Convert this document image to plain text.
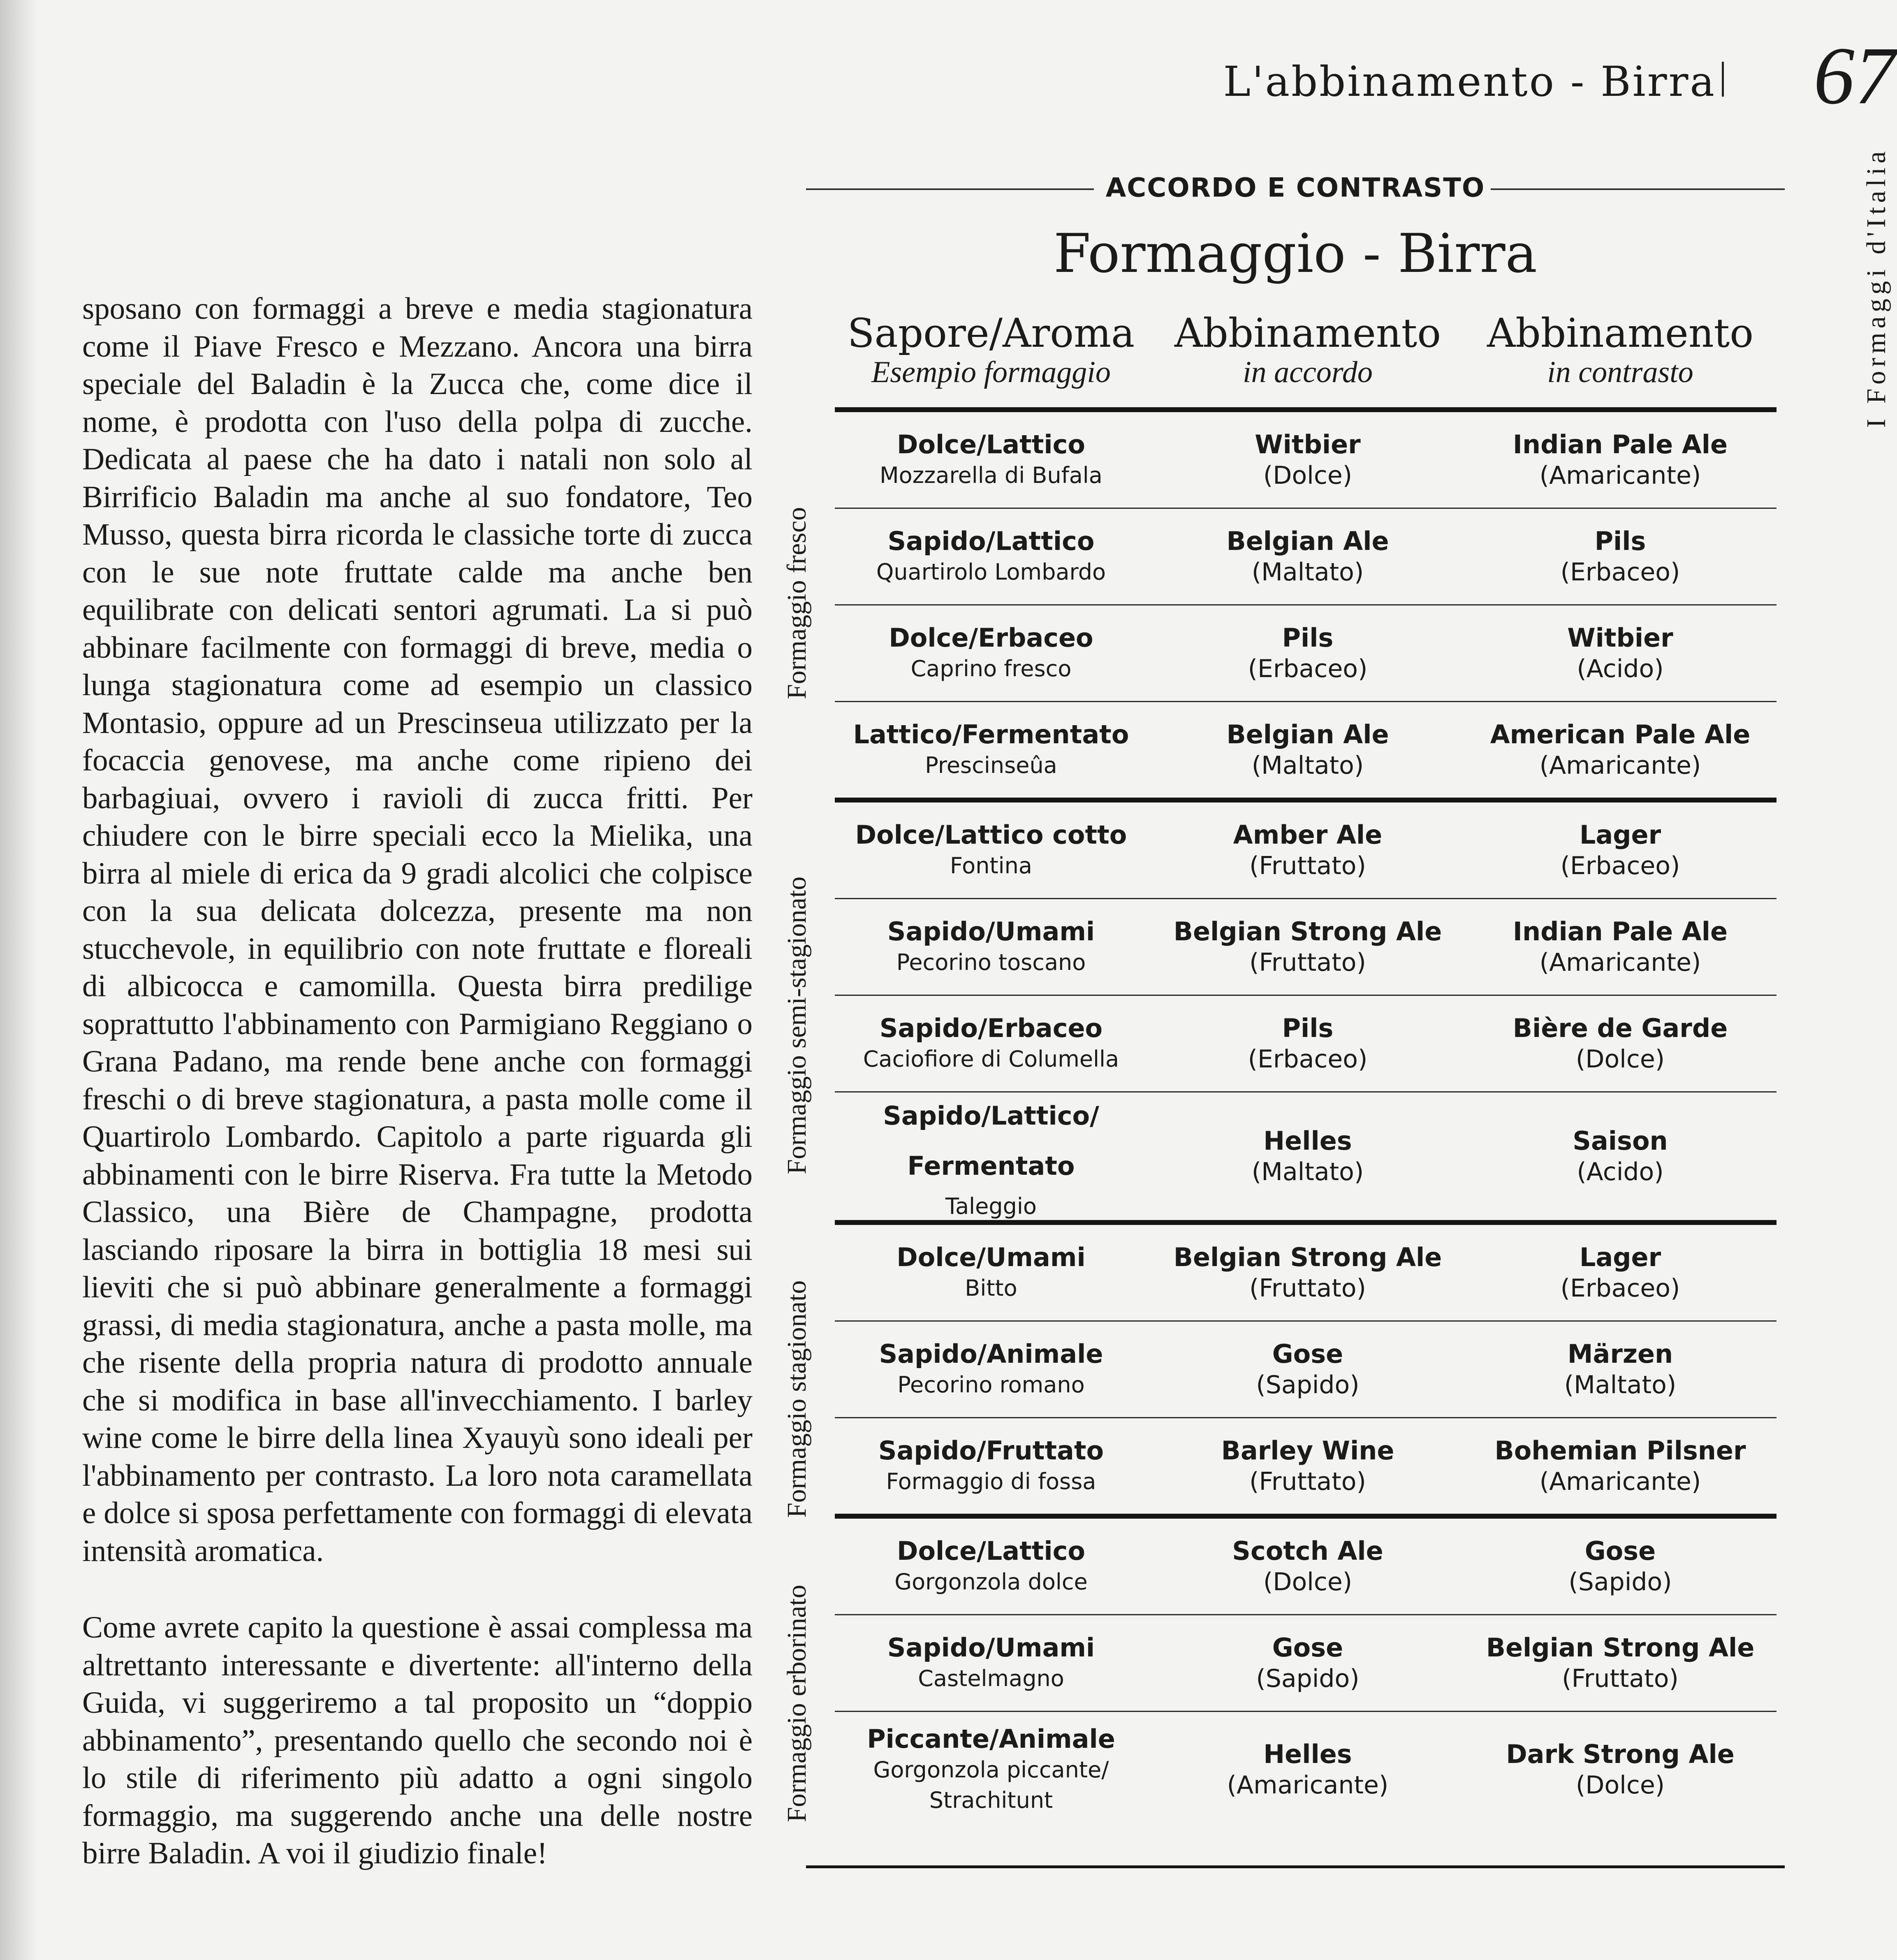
L'abbinamento - Birra 67
I Formaggi d'Italia

sposano con formaggi a breve e media stagionatura come il Piave Fresco e Mezzano. Ancora una birra speciale del Baladin è la Zucca che, come dice il nome, è prodotta con l'uso della polpa di zucche. Dedicata al paese che ha dato i natali non solo al Birrificio Baladin ma anche al suo fondatore, Teo Musso, questa birra ricorda le classiche torte di zucca con le sue note fruttate calde ma anche ben equilibrate con delicati sentori agrumati. La si può abbinare facilmente con formaggi di breve, media o lunga stagionatura come ad esempio un classico Montasio, oppure ad un Prescinseua utilizzato per la focaccia genovese, ma anche come ripieno dei barbagiuai, ovvero i ravioli di zucca fritti. Per chiudere con le birre speciali ecco la Mielika, una birra al miele di erica da 9 gradi alcolici che colpisce con la sua delicata dolcezza, presente ma non stucchevole, in equilibrio con note fruttate e floreali di albicocca e camomilla. Questa birra predilige soprattutto l'abbinamento con Parmigiano Reggiano o Grana Padano, ma rende bene anche con formaggi freschi o di breve stagionatura, a pasta molle come il Quartirolo Lombardo. Capitolo a parte riguarda gli abbinamenti con le birre Riserva. Fra tutte la Metodo Classico, una Bière de Champagne, prodotta lasciando riposare la birra in bottiglia 18 mesi sui lieviti che si può abbinare generalmente a formaggi grassi, di media stagionatura, anche a pasta molle, ma che risente della propria natura di prodotto annuale che si modifica in base all'invecchiamento. I barley wine come le birre della linea Xyauyù sono ideali per l'abbinamento per contrasto. La loro nota caramellata e dolce si sposa perfettamente con formaggi di elevata intensità aromatica.

Come avrete capito la questione è assai complessa ma altrettanto interessante e divertente: all'interno della Guida, vi suggeriremo a tal proposito un “doppio abbinamento”, presentando quello che secondo noi è lo stile di riferimento più adatto a ogni singolo formaggio, ma suggerendo anche una delle nostre birre Baladin. A voi il giudizio finale!

ACCORDO E CONTRASTO
Formaggio - Birra
Sapore/Aroma
Esempio formaggio
Abbinamento
in accordo
Abbinamento
in contrasto
Formaggio fresco
Formaggio semi-stagionato
Formaggio stagionato
Formaggio erborinato
Dolce/Lattico
Mozzarella di Bufala
Witbier
(Dolce)
Indian Pale Ale
(Amaricante)
Sapido/Lattico
Quartirolo Lombardo
Belgian Ale
(Maltato)
Pils
(Erbaceo)
Dolce/Erbaceo
Caprino fresco
Pils
(Erbaceo)
Witbier
(Acido)
Lattico/Fermentato
Prescinseûa
Belgian Ale
(Maltato)
American Pale Ale
(Amaricante)
Dolce/Lattico cotto
Fontina
Amber Ale
(Fruttato)
Lager
(Erbaceo)
Sapido/Umami
Pecorino toscano
Belgian Strong Ale
(Fruttato)
Indian Pale Ale
(Amaricante)
Sapido/Erbaceo
Caciofiore di Columella
Pils
(Erbaceo)
Bière de Garde
(Dolce)
Sapido/Lattico/
Fermentato
Taleggio
Helles
(Maltato)
Saison
(Acido)
Dolce/Umami
Bitto
Belgian Strong Ale
(Fruttato)
Lager
(Erbaceo)
Sapido/Animale
Pecorino romano
Gose
(Sapido)
Märzen
(Maltato)
Sapido/Fruttato
Formaggio di fossa
Barley Wine
(Fruttato)
Bohemian Pilsner
(Amaricante)
Dolce/Lattico
Gorgonzola dolce
Scotch Ale
(Dolce)
Gose
(Sapido)
Sapido/Umami
Castelmagno
Gose
(Sapido)
Belgian Strong Ale
(Fruttato)
Piccante/Animale
Gorgonzola piccante/
Strachitunt
Helles
(Amaricante)
Dark Strong Ale
(Dolce)
